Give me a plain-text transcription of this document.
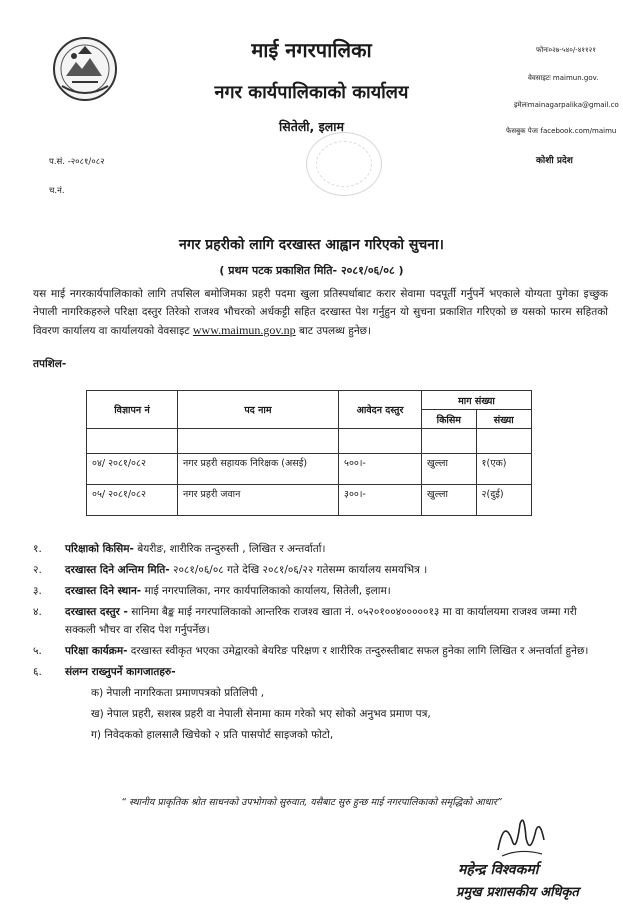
माई नगरपालिका
नगर कार्यपालिकाको कार्यालय
सितेली, इलाम
फोनः०२७-५४०/-४११२१
वेवसाइटः maimun.gov.
इमेलःmainagarpalika@gmail.co
फेसबुक पेजः facebook.com/maimu
कोशी प्रदेश
प.सं. -२०८१/०८२
च.नं.
नगर प्रहरीको लागि दरखास्त आह्वान गरिएको सुचना।
( प्रथम पटक प्रकाशित मिति- २०८१/०६/०८ )
यस माई नगरकार्यपालिकाको लागि तपसिल बमोजिमका प्रहरी पदमा खुला प्रतिस्पर्धाबाट करार सेवामा पदपूर्ती गर्नुपर्ने भएकाले योग्यता पुगेका इच्छुक नेपाली नागरिकहरुले परिक्षा दस्तुर तिरेको राजश्व भौचरको अर्धकट्टी सहित दरखास्त पेश गर्नुहुन यो सुचना प्रकाशित गरिएको छ यसको फारम सहितको विवरण कार्यालय वा कार्यालयको वेवसाइट www.maimun.gov.np बाट उपलब्ध हुनेछ।
तपशिल-
विज्ञापन नं	पद नाम	आवेदन दस्तुर	माग संख्या	
			किसिम	संख्या

०४/ २०८१/०८२	नगर प्रहरी सहायक निरिक्षक (असई)	५००।-	खुल्ला	१(एक)
०५/ २०८१/०८२	नगर प्रहरी जवान	३००।-	खुल्ला	२(दुई)
१. परिक्षाको किसिम- बेयरीङ, शारीरिक तन्दुरुस्ती , लिखित र अन्तर्वार्ता।
२. दरखास्त दिने अन्तिम मिति- २०८१/०६/०८ गते देखि २०८१/०६/२२ गतेसम्म कार्यालय समयभित्र ।
३. दरखास्त दिने स्थान- माई नगरपालिका, नगर कार्यपालिकाको कार्यालय, सितेली, इलाम।
४. दरखास्त दस्तुर - सानिमा बैङ्क माई नगरपालिकाको आन्तरिक राजश्व खाता नं. ०५२०१००४०००००१३ मा वा कार्यालयमा राजश्व जम्मा गरी सक्कली भौचर वा रसिद पेश गर्नुपर्नेछ।
५. परिक्षा कार्यक्रम- दरखास्त स्वीकृत भएका उमेद्वारको बेयरिङ परिक्षण र शारीरिक तन्दुरुस्तीबाट सफल हुनेका लागि लिखित र अन्तर्वार्ता हुनेछ।
६. संलग्न राख्नुपर्ने कागजातहरु-
क) नेपाली नागरिकता प्रमाणपत्रको प्रतिलिपी ,
ख) नेपाल प्रहरी, सशस्त्र प्रहरी वा नेपाली सेनामा काम गरेको भए सोको अनुभव प्रमाण पत्र,
ग) निवेदकको हालसालै खिचेको २ प्रति पासपोर्ट साइजको फोटो,
“ स्थानीय प्राकृतिक श्रोत साधनको उपभोगको सुरुवात, यसैबाट सुरु हुन्छ माई नगरपालिकाको समृद्धिको आधार”
महेन्द्र विश्वकर्मा
प्रमुख प्रशासकीय अधिकृत
